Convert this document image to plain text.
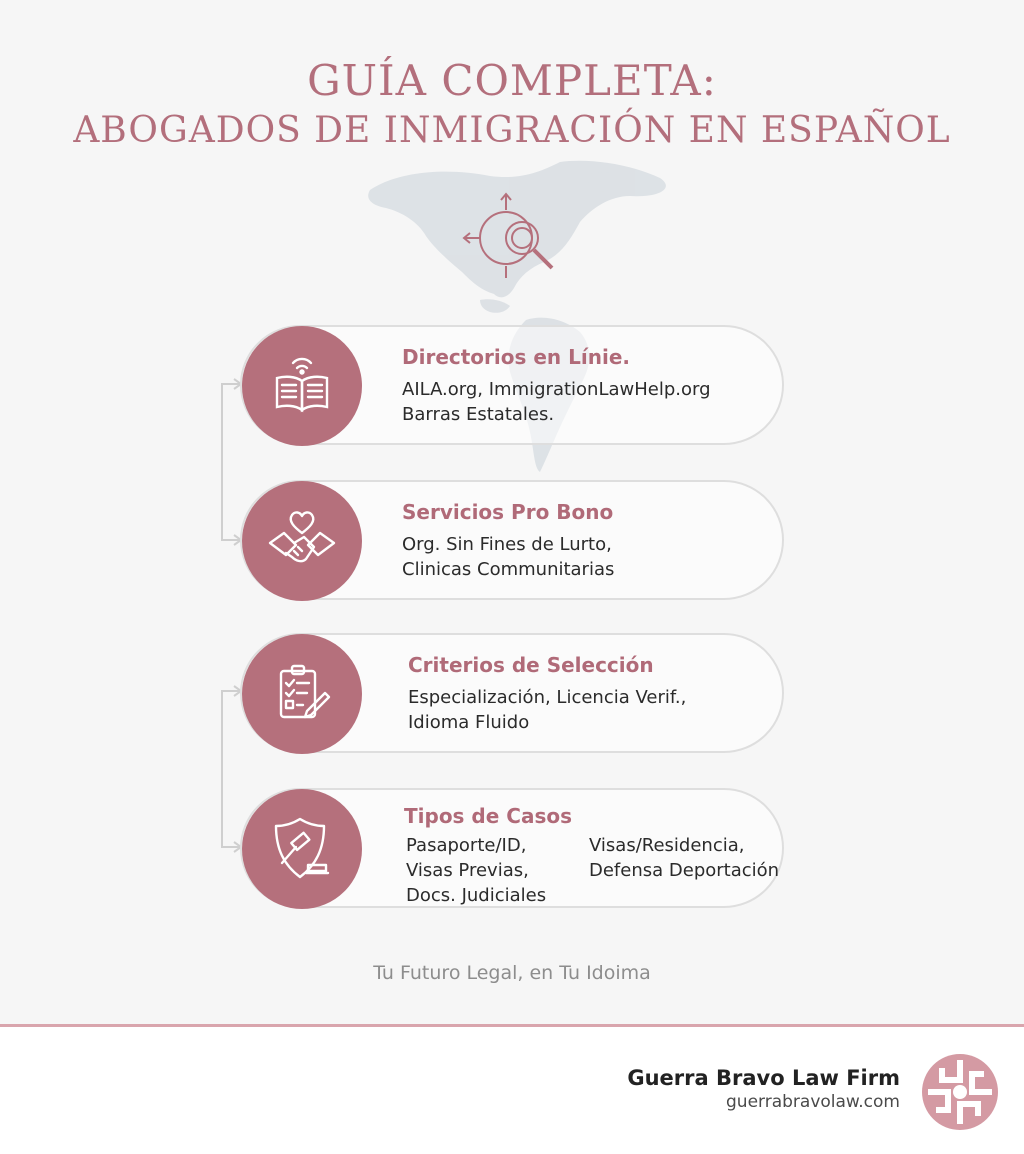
GUÍA COMPLETA:
ABOGADOS DE INMIGRACIÓN EN ESPAÑOL
Directorios en Línie.
AILA.org, ImmigrationLawHelp.org
Barras Estatales.
Servicios Pro Bono
Org. Sin Fines de Lurto,
Clinicas Communitarias
Criterios de Selección
Especialización, Licencia Verif.,
Idioma Fluido
Tipos de Casos
Pasaporte/ID,
Visas Previas,
Docs. Judiciales
Visas/Residencia,
Defensa Deportación
Tu Futuro Legal, en Tu Idoima
Guerra Bravo Law Firm
guerrabravolaw.com
